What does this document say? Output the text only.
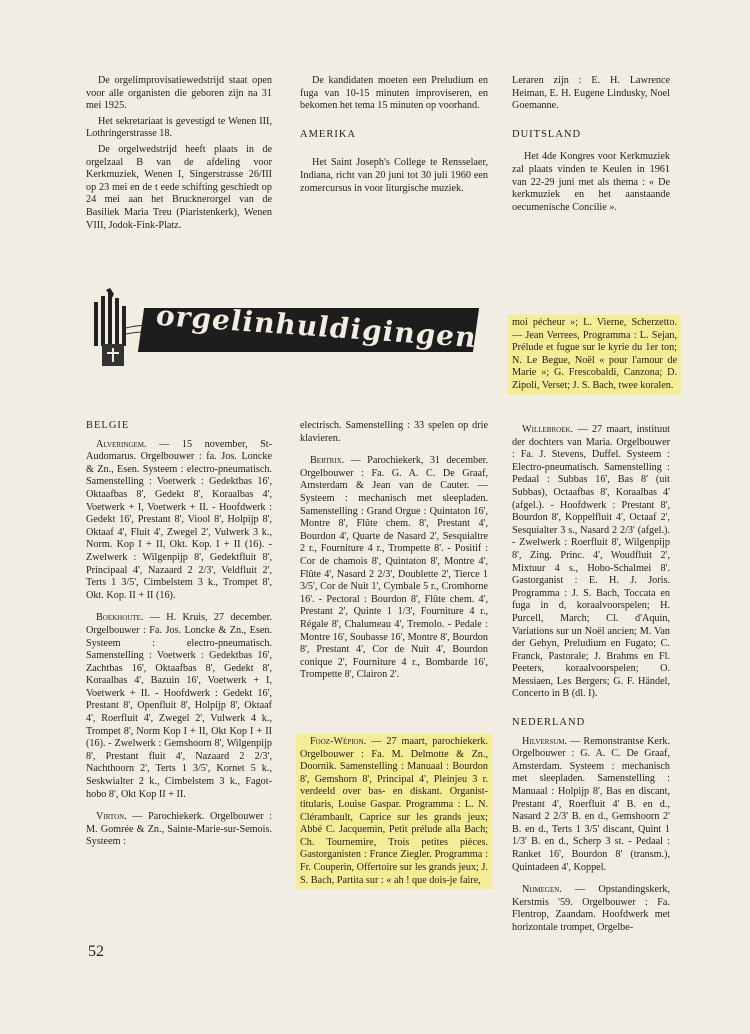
De orgelimprovisatiewedstrijd staat open voor alle organisten die geboren zijn na 31 mei 1925.

Het sekretariaat is gevestigd te Wenen III, Lothringerstrasse 18.

De orgelwedstrijd heeft plaats in de orgelzaal B van de afdeling voor Kerkmuziek, Wenen I, Singerstrasse 26/III op 23 mei en de t eede schifting geschiedt op 24 mei aan het Brucknerorgel van de Basiliek Maria Treu (Piaristenkerk), Wenen VIII, Jodok-Fink-Platz.

De kandidaten moeten een Preludium en fuga van 10-15 minuten improviseren, en bekomen het tema 15 minuten op voorhand.

AMERIKA

Het Saint Joseph's College te Rensselaer, Indiana, richt van 20 juni tot 30 juli 1960 een zomercursus in voor liturgische muziek.

Leraren zijn : E. H. Lawrence Heiman, E. H. Eugene Lindusky, Noel Goemanne.

DUITSLAND

Het 4de Kongres voor Kerkmuziek zal plaats vinden te Keulen in 1961 van 22-29 juni met als thema : « De kerkmuziek en het aanstaande oecumenische Concilie ».

orgelinhuldigingen	moi pécheur »; L. Vierne, Scherzetto. — Jean Verrees, Programma : L. Sejan, Prélude et fugue sur le kyrie du 1er ton; N. Le Begue, Noël « pour l'amour de Marie »; G. Frescobaldi, Canzona; D. Zipoli, Verset; J. S. Bach, twee koralen.
BELGIE

Alveringem. — 15 november, St-Audomarus. Orgelbouwer : fa. Jos. Loncke & Zn., Esen. Systeem : electro-pneumatisch. Samenstelling : Voetwerk : Gedektbas 16', Oktaafbas 8', Gedekt 8', Koraalbas 4', Voetwerk + I, Voetwerk + II. - Hoofdwerk : Gedekt 16', Prestant 8', Viool 8', Holpijp 8', Oktaaf 4', Fluit 4', Zwegel 2', Vulwerk 3 k., Norm. Kop I + II, Okt. Kop. I + II (16). - Zwelwerk : Wilgenpijp 8', Gedektfluit 8', Principaal 4', Nazaard 2 2/3', Veldfluit 2', Terts 1 3/5', Cimbelstem 3 k., Trompet 8', Okt. Kop. II + II (16).

Boekhoute. — H. Kruis, 27 december. Orgelbouwer : Fa. Jos. Loncke & Zn., Esen. Systeem : electro-pneumatisch. Samenstelling : Voetwerk : Gedektbas 16', Zachtbas 16', Oktaafbas 8', Gedekt 8', Koraalbas 4', Bazuin 16', Voetwerk + I, Voetwerk + II. - Hoofdwerk : Gedekt 16', Prestant 8', Openfluit 8', Holpijp 8', Oktaaf 4', Roerfluit 4', Zwegel 2', Vulwerk 4 k., Trompet 8', Norm Kop I + II, Okt Kop I + II (16). - Zwelwerk : Gemshoorn 8', Wilgenpijp 8', Prestant fluit 4', Nazaard 2 2/3', Nachthoorn 2', Terts 1 3/5', Kornet 5 k., Seskwialter 2 k., Cimbelstem 3 k., Fagot-hobo 8', Okt Kop II + II.

Virton. — Parochiekerk. Orgelbouwer : M. Gomrée & Zn., Sainte-Marie-sur-Semois. Systeem :

electrisch. Samenstelling : 33 spelen op drie klavieren.

Bertrix. — Parochiekerk, 31 december. Orgelbouwer : Fa. G. A. C. De Graaf, Amsterdam & Jean van de Cauter. — Systeem : mechanisch met sleepladen. Samenstelling : Grand Orgue : Quintaton 16', Montre 8', Flûte chem. 8', Prestant 4', Bourdon 4', Quarte de Nasard 2', Sesquialtre 2 r., Fourniture 4 r., Trompette 8'. - Positif : Cor de chamois 8', Quintaton 8', Montre 4', Flûte 4', Nasard 2 2/3', Doublette 2', Tierce 1 3/5', Cor de Nuit 1', Cymbale 5 r., Cromhorne 16'. - Pectoral : Bourdon 8', Flûte chem. 4', Prestant 2', Quinte 1 1/3', Fourniture 4 r., Régale 8', Chalumeau 4', Tremolo. - Pedale : Montre 16', Soubasse 16', Montre 8', Bourdon 8', Prestant 4', Cor de Nuit 4', Bourdon conique 2', Fourniture 4 r., Bombarde 16', Trompette 8', Clairon 2'.

Fooz-Wépion. — 27 maart, parochiekerk. Orgelbouwer : Fa. M. Delmotte & Zn., Doornik. Samenstelling : Manuaal : Bourdon 8', Gemshorn 8', Principal 4', Pleinjeu 3 r. verdeeld over bas- en diskant. Organist-titularis, Louise Gaspar. Programma : L. N. Clérambault, Caprice sur les grands jeux; Abbé C. Jacquemin, Petit prélude alla Bach; Ch. Tournemire, Trois petites pièces. Gastorganisten : France Ziegler. Programma : Fr. Couperin, Offertoire sur les grands jeux; J. S. Bach, Partita sur : « ah ! que dois-je faire,

Willebroek. — 27 maart, instituut der dochters van Maria. Orgelbouwer : Fa. J. Stevens, Duffel. Systeem : Electro-pneumatisch. Samenstelling : Pedaal : Subbas 16', Bas 8' (uit Subbas), Octaafbas 8', Koraalbas 4' (afgel.). - Hoofdwerk : Prestant 8', Bourdon 8', Koppelfluit 4', Octaaf 2', Sesquialter 3 s., Nasard 2 2/3' (afgel.). - Zwelwerk : Roerfluit 8', Wilgenpijp 8', Zing. Princ. 4', Woudfluit 2', Mixtuur 4 s., Hobo-Schalmei 8'. Gastorganist : E. H. J. Joris. Programma : J. S. Bach, Toccata en fuga in d, koraalvoorspelen; H. Purcell, March; Cl. d'Aquin, Variations sur un Noël ancien; M. Van der Gehyn, Preludium en Fugato; C. Franck, Pastorale; J. Brahms en Fl. Peeters, koraalvoorspelen; O. Messiaen, Les Bergers; G. F. Händel, Concerto in B (dl. I).

NEDERLAND

Hilversum. — Remonstrantse Kerk. Orgelbouwer : G. A. C. De Graaf, Amsterdam. Systeem : mechanisch met sleepladen. Samenstelling : Manuaal : Holpijp 8', Bas en discant, Prestant 4', Roerfluit 4' B. en d., Nasard 2 2/3' B. en d., Gemshoorn 2' B. en d., Terts 1 3/5' discant, Quint 1 1/3' B. en d., Scherp 3 st. - Pedaal : Ranket 16', Bourdon 8' (transm.), Quintadeen 4', Koppel.

Nijmegen. — Opstandingskerk, Kerstmis '59. Orgelbouwer : Fa. Flentrop, Zaandam. Hoofdwerk met horizontale trompet, Orgelbe-

52
